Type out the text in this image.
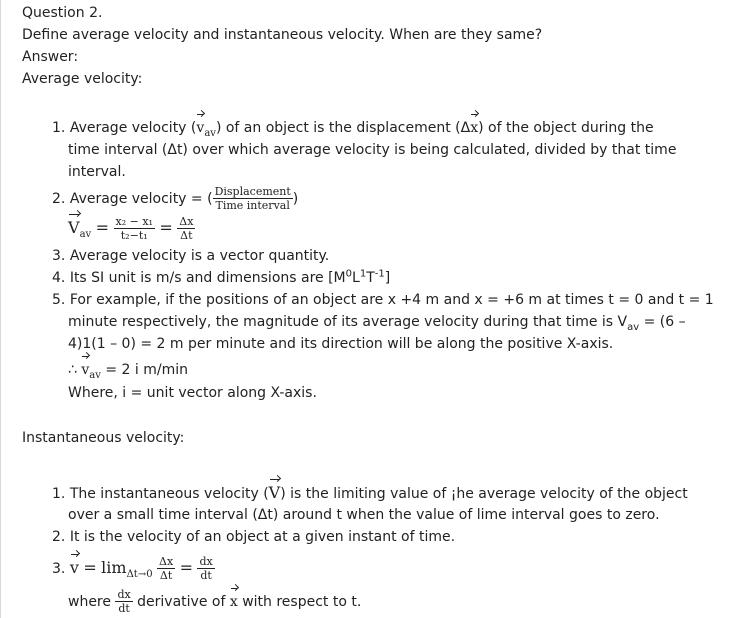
Question 2.
Define average velocity and instantaneous velocity. When are they same?
Answer:
Average velocity:
1. Average velocity $(v_{av})$ of an object is the displacement (Δx) of the object during the
time interval (Δt) over which average velocity is being calculated, divided by that time
interval.
2. Average velocity = ( $\frac{\text{Displacement}}{\text{Time interval}}$ )
$V_{av} = \frac{\text{x₂ − x₁}}{\text{t₂−t₁}} = \frac{\Delta x}{\Delta t}$
3. Average velocity is a vector quantity.
4. Its SI unit is m/s and dimensions are $[M^0L^1T^{-1}]$
5. For example, if the positions of an object are x +4 m and x = +6 m at times t = 0 and t = 1
minute respectively, the magnitude of its average velocity during that time is $V_{av} = (6$ –
4)1(1 – 0) = 2 m per minute and its direction will be along the positive X-axis.
∴ $v_{av} = 2$ i m/min
Where, i = unit vector along X-axis.
Instantaneous velocity:
1. The instantaneous velocity (V) is the limiting value of ¡he average velocity of the object
over a small time interval (Δt) around t when the value of lime interval goes to zero.
2. It is the velocity of an object at a given instant of time.
3. $v = \lim_{\Delta t\to 0} \frac{\Delta x}{\Delta t} = \frac{dx}{dt}$
where $\frac{dx}{dt}$ derivative of x with respect to t.
